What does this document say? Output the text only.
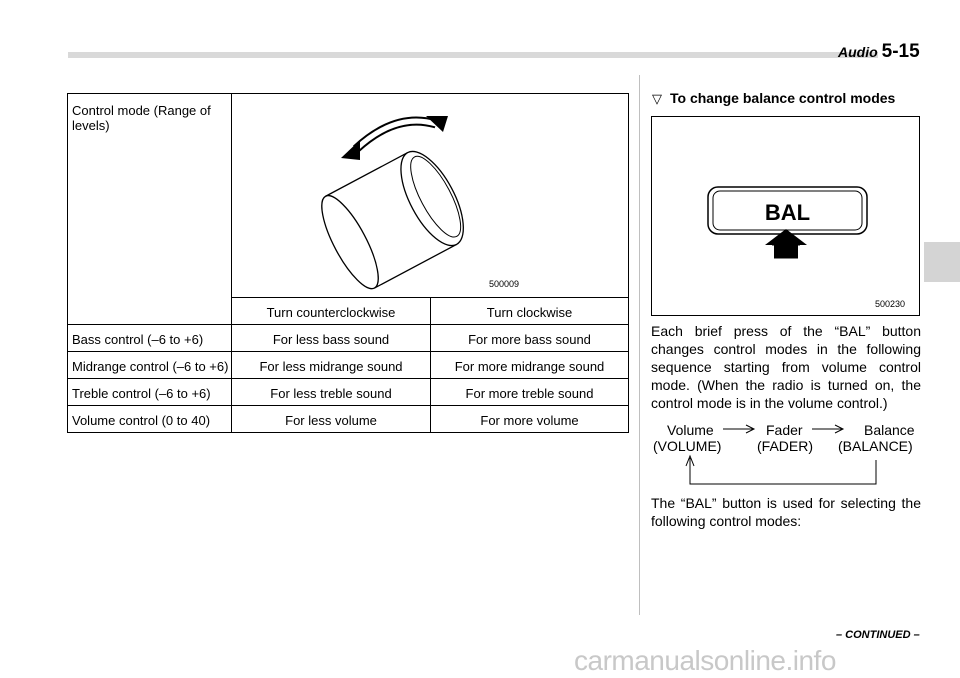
Audio 5-15
Control mode (Range of levels)
500009
Turn counterclockwise	Turn clockwise
Bass control (–6 to +6)	For less bass sound	For more bass sound
Midrange control (–6 to +6)	For less midrange sound	For more midrange sound
Treble control (–6 to +6)	For less treble sound	For more treble sound
Volume control (0 to 40)	For less volume	For more volume
▽ To change balance control modes
BAL
500230
Each brief press of the “BAL” button changes control modes in the following sequence starting from volume control mode. (When the radio is turned on, the control mode is in the volume control.)
Volume
(VOLUME)
Fader
(FADER)
Balance
(BALANCE)
The “BAL” button is used for selecting the following control modes:
– CONTINUED –
carmanualsonline.info
